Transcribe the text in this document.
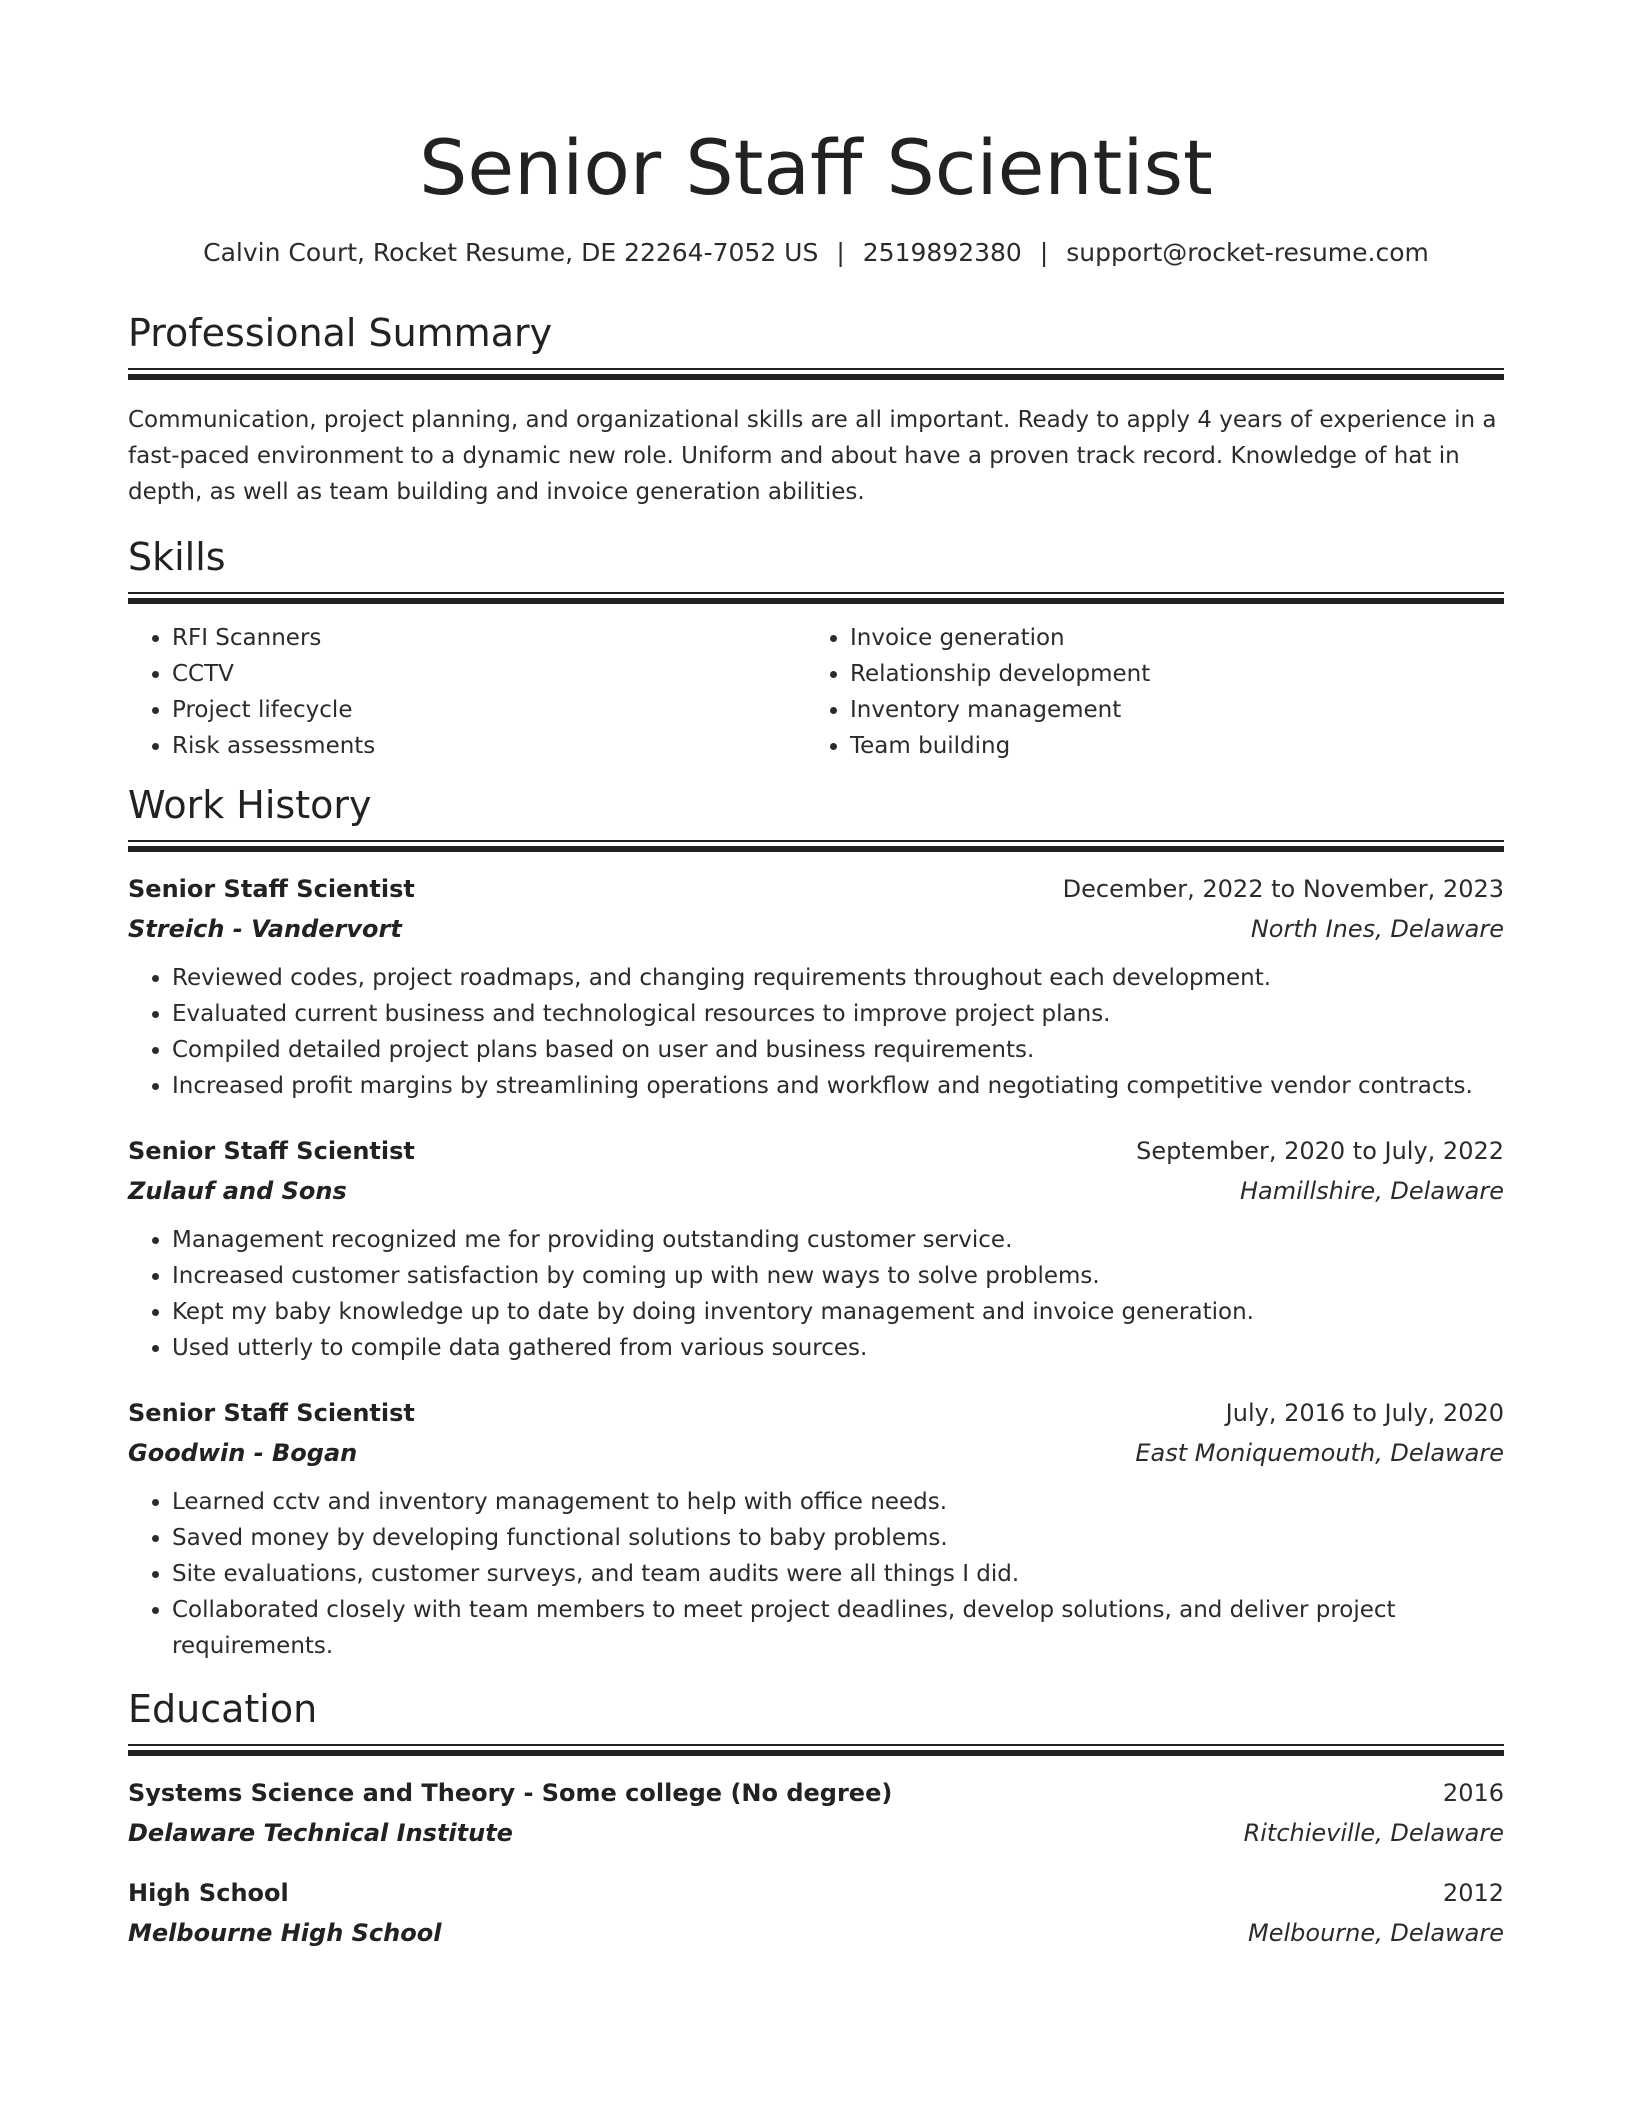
Senior Staff Scientist
Calvin Court, Rocket Resume, DE 22264-7052 US | 2519892380 | support@rocket-resume.com
Professional Summary
Communication, project planning, and organizational skills are all important. Ready to apply 4 years of experience in a fast-paced environment to a dynamic new role. Uniform and about have a proven track record. Knowledge of hat in depth, as well as team building and invoice generation abilities.
Skills
• RFI Scanners
• CCTV
• Project lifecycle
• Risk assessments
• Invoice generation
• Relationship development
• Inventory management
• Team building
Work History
Senior Staff Scientist	December, 2022 to November, 2023
Streich - Vandervort	North Ines, Delaware
• Reviewed codes, project roadmaps, and changing requirements throughout each development.
• Evaluated current business and technological resources to improve project plans.
• Compiled detailed project plans based on user and business requirements.
• Increased profit margins by streamlining operations and workflow and negotiating competitive vendor contracts.
Senior Staff Scientist	September, 2020 to July, 2022
Zulauf and Sons	Hamillshire, Delaware
• Management recognized me for providing outstanding customer service.
• Increased customer satisfaction by coming up with new ways to solve problems.
• Kept my baby knowledge up to date by doing inventory management and invoice generation.
• Used utterly to compile data gathered from various sources.
Senior Staff Scientist	July, 2016 to July, 2020
Goodwin - Bogan	East Moniquemouth, Delaware
• Learned cctv and inventory management to help with office needs.
• Saved money by developing functional solutions to baby problems.
• Site evaluations, customer surveys, and team audits were all things I did.
• Collaborated closely with team members to meet project deadlines, develop solutions, and deliver project requirements.
Education
Systems Science and Theory - Some college (No degree)	2016
Delaware Technical Institute	Ritchieville, Delaware
High School	2012
Melbourne High School	Melbourne, Delaware
